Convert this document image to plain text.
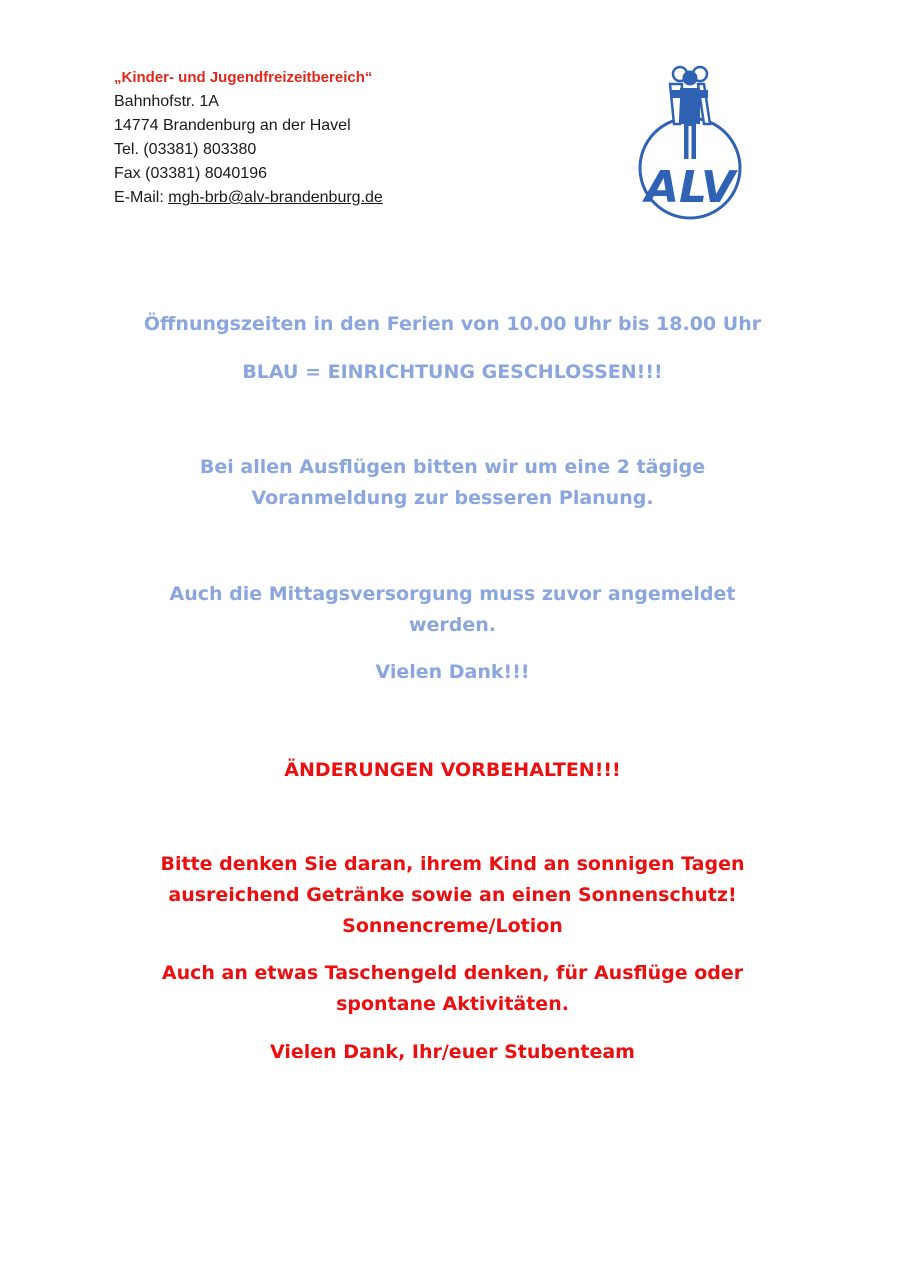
„Kinder- und Jugendfreizeitbereich“
Bahnhofstr. 1A
14774 Brandenburg an der Havel
Tel. (03381) 803380
Fax (03381) 8040196
E-Mail: mgh-brb@alv-brandenburg.de	ALV
Öffnungszeiten in den Ferien von 10.00 Uhr bis 18.00 Uhr
BLAU = EINRICHTUNG GESCHLOSSEN!!!
Bei allen Ausflügen bitten wir um eine 2 tägige
Voranmeldung zur besseren Planung.
Auch die Mittagsversorgung muss zuvor angemeldet
werden.
Vielen Dank!!!
ÄNDERUNGEN VORBEHALTEN!!!
Bitte denken Sie daran, ihrem Kind an sonnigen Tagen
ausreichend Getränke sowie an einen Sonnenschutz!
Sonnencreme/Lotion
Auch an etwas Taschengeld denken, für Ausflüge oder
spontane Aktivitäten.
Vielen Dank, Ihr/euer Stubenteam
